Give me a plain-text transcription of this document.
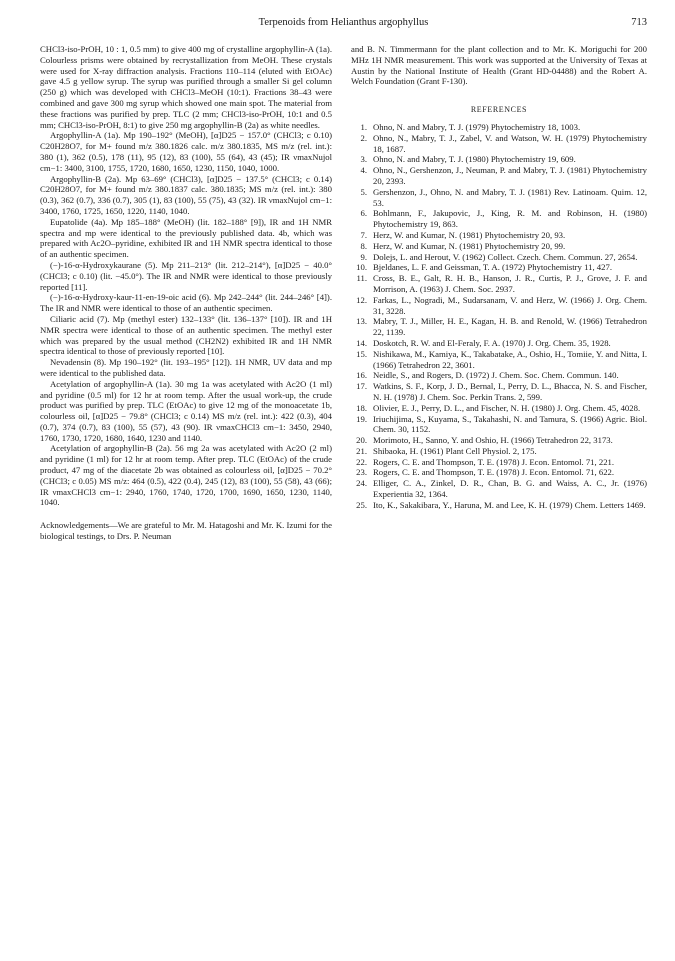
Terpenoids from Helianthus argophyllus	713

CHCl3-iso-PrOH, 10 : 1, 0.5 mm) to give 400 mg of crystalline argophyllin-A (1a). Colourless prisms were obtained by recrystallization from MeOH. These crystals were used for X-ray diffraction analysis. Fractions 110–114 (eluted with EtOAc) gave 4.5 g yellow syrup. The syrup was purified through a smaller Si gel column (250 g) which was developed with CHCl3–MeOH (10:1). Fractions 38–43 were combined and gave 300 mg syrup which showed one main spot. The material from these fractions was purified by prep. TLC (2 mm; CHCl3-iso-PrOH, 10:1 and 0.5 mm; CHCl3-iso-PrOH, 8:1) to give 250 mg argophyllin-B (2a) as white needles.

Argophyllin-A (1a). Mp 190–192° (MeOH), [α]D25 − 157.0° (CHCl3; c 0.10) C20H28O7, for M+ found m/z 380.1826 calc. m/z 380.1835, MS m/z (rel. int.): 380 (1), 362 (0.5), 178 (11), 95 (12), 83 (100), 55 (64), 43 (45); IR νmaxNujol cm−1: 3400, 3100, 1755, 1720, 1680, 1650, 1230, 1150, 1040, 1000.

Argophyllin-B (2a). Mp 63–69° (CHCl3), [α]D25 − 137.5° (CHCl3; c 0.14) C20H28O7, for M+ found m/z 380.1837 calc. 380.1835; MS m/z (rel. int.): 380 (0.3), 362 (0.7), 336 (0.7), 305 (1), 83 (100), 55 (75), 43 (32). IR νmaxNujol cm−1: 3400, 1760, 1725, 1650, 1220, 1140, 1040.

Eupatolide (4a). Mp 185–188° (MeOH) (lit. 182–188° [9]), IR and 1H NMR spectra and mp were identical to the previously published data. 4b, which was prepared with Ac2O–pyridine, exhibited IR and 1H NMR spectra identical to those of an authentic specimen.

(−)-16-α-Hydroxykaurane (5). Mp 211–213° (lit. 212–214°), [α]D25 − 40.0° (CHCl3; c 0.10) (lit. −45.0°). The IR and NMR were identical to those previously reported [11].

(−)-16-α-Hydroxy-kaur-11-en-19-oic acid (6). Mp 242–244° (lit. 244–246° [4]). The IR and NMR were identical to those of an authentic specimen.

Ciliaric acid (7). Mp (methyl ester) 132–133° (lit. 136–137° [10]). IR and 1H NMR spectra were identical to those of an authentic specimen. The methyl ester which was prepared by the usual method (CH2N2) exhibited IR and 1H NMR spectra identical to those of previously reported [10].

Nevadensin (8). Mp 190–192° (lit. 193–195° [12]). 1H NMR, UV data and mp were identical to the published data.

Acetylation of argophyllin-A (1a). 30 mg 1a was acetylated with Ac2O (1 ml) and pyridine (0.5 ml) for 12 hr at room temp. After the usual work-up, the crude product was purified by prep. TLC (EtOAc) to give 12 mg of the monoacetate 1b, colourless oil, [α]D25 − 79.8° (CHCl3; c 0.14) MS m/z (rel. int.): 422 (0.3), 404 (0.7), 374 (0.7), 83 (100), 55 (57), 43 (90). IR νmaxCHCl3 cm−1: 3450, 2940, 1760, 1730, 1720, 1680, 1640, 1230 and 1140.

Acetylation of argophyllin-B (2a). 56 mg 2a was acetylated with Ac2O (2 ml) and pyridine (1 ml) for 12 hr at room temp. After prep. TLC (EtOAc) of the crude product, 47 mg of the diacetate 2b was obtained as colourless oil, [α]D25 − 70.2° (CHCl3; c 0.05) MS m/z: 464 (0.5), 422 (0.4), 245 (12), 83 (100), 55 (58), 43 (66); IR νmaxCHCl3 cm−1: 2940, 1760, 1740, 1720, 1700, 1690, 1650, 1230, 1140, 1040.

Acknowledgements—We are grateful to Mr. M. Hatagoshi and Mr. K. Izumi for the biological testings, to Drs. P. Neuman

and B. N. Timmermann for the plant collection and to Mr. K. Moriguchi for 200 MHz 1H NMR measurement. This work was supported at the University of Texas at Austin by the National Institute of Health (Grant HD-04488) and the Robert A. Welch Foundation (Grant F-130).

REFERENCES
1. Ohno, N. and Mabry, T. J. (1979) Phytochemistry 18, 1003.
2. Ohno, N., Mabry, T. J., Zabel, V. and Watson, W. H. (1979) Phytochemistry 18, 1687.
3. Ohno, N. and Mabry, T. J. (1980) Phytochemistry 19, 609.
4. Ohno, N., Gershenzon, J., Neuman, P. and Mabry, T. J. (1981) Phytochemistry 20, 2393.
5. Gershenzon, J., Ohno, N. and Mabry, T. J. (1981) Rev. Latinoam. Quim. 12, 53.
6. Bohlmann, F., Jakupovic, J., King, R. M. and Robinson, H. (1980) Phytochemistry 19, 863.
7. Herz, W. and Kumar, N. (1981) Phytochemistry 20, 93.
8. Herz, W. and Kumar, N. (1981) Phytochemistry 20, 99.
9. Dolejs, L. and Herout, V. (1962) Collect. Czech. Chem. Commun. 27, 2654.
10. Bjeldanes, L. F. and Geissman, T. A. (1972) Phytochemistry 11, 427.
11. Cross, B. E., Galt, R. H. B., Hanson, J. R., Curtis, P. J., Grove, J. F. and Morrison, A. (1963) J. Chem. Soc. 2937.
12. Farkas, L., Nogradi, M., Sudarsanam, V. and Herz, W. (1966) J. Org. Chem. 31, 3228.
13. Mabry, T. J., Miller, H. E., Kagan, H. B. and Renold, W. (1966) Tetrahedron 22, 1139.
14. Doskotch, R. W. and El-Feraly, F. A. (1970) J. Org. Chem. 35, 1928.
15. Nishikawa, M., Kamiya, K., Takabatake, A., Oshio, H., Tomiie, Y. and Nitta, I. (1966) Tetrahedron 22, 3601.
16. Neidle, S., and Rogers, D. (1972) J. Chem. Soc. Chem. Commun. 140.
17. Watkins, S. F., Korp, J. D., Bernal, I., Perry, D. L., Bhacca, N. S. and Fischer, N. H. (1978) J. Chem. Soc. Perkin Trans. 2, 599.
18. Olivier, E. J., Perry, D. L., and Fischer, N. H. (1980) J. Org. Chem. 45, 4028.
19. Iriuchijima, S., Kuyama, S., Takahashi, N. and Tamura, S. (1966) Agric. Biol. Chem. 30, 1152.
20. Morimoto, H., Sanno, Y. and Oshio, H. (1966) Tetrahedron 22, 3173.
21. Shibaoka, H. (1961) Plant Cell Physiol. 2, 175.
22. Rogers, C. E. and Thompson, T. E. (1978) J. Econ. Entomol. 71, 221.
23. Rogers, C. E. and Thompson, T. E. (1978) J. Econ. Entomol. 71, 622.
24. Elliger, C. A., Zinkel, D. R., Chan, B. G. and Waiss, A. C., Jr. (1976) Experientia 32, 1364.
25. Ito, K., Sakakibara, Y., Haruna, M. and Lee, K. H. (1979) Chem. Letters 1469.
